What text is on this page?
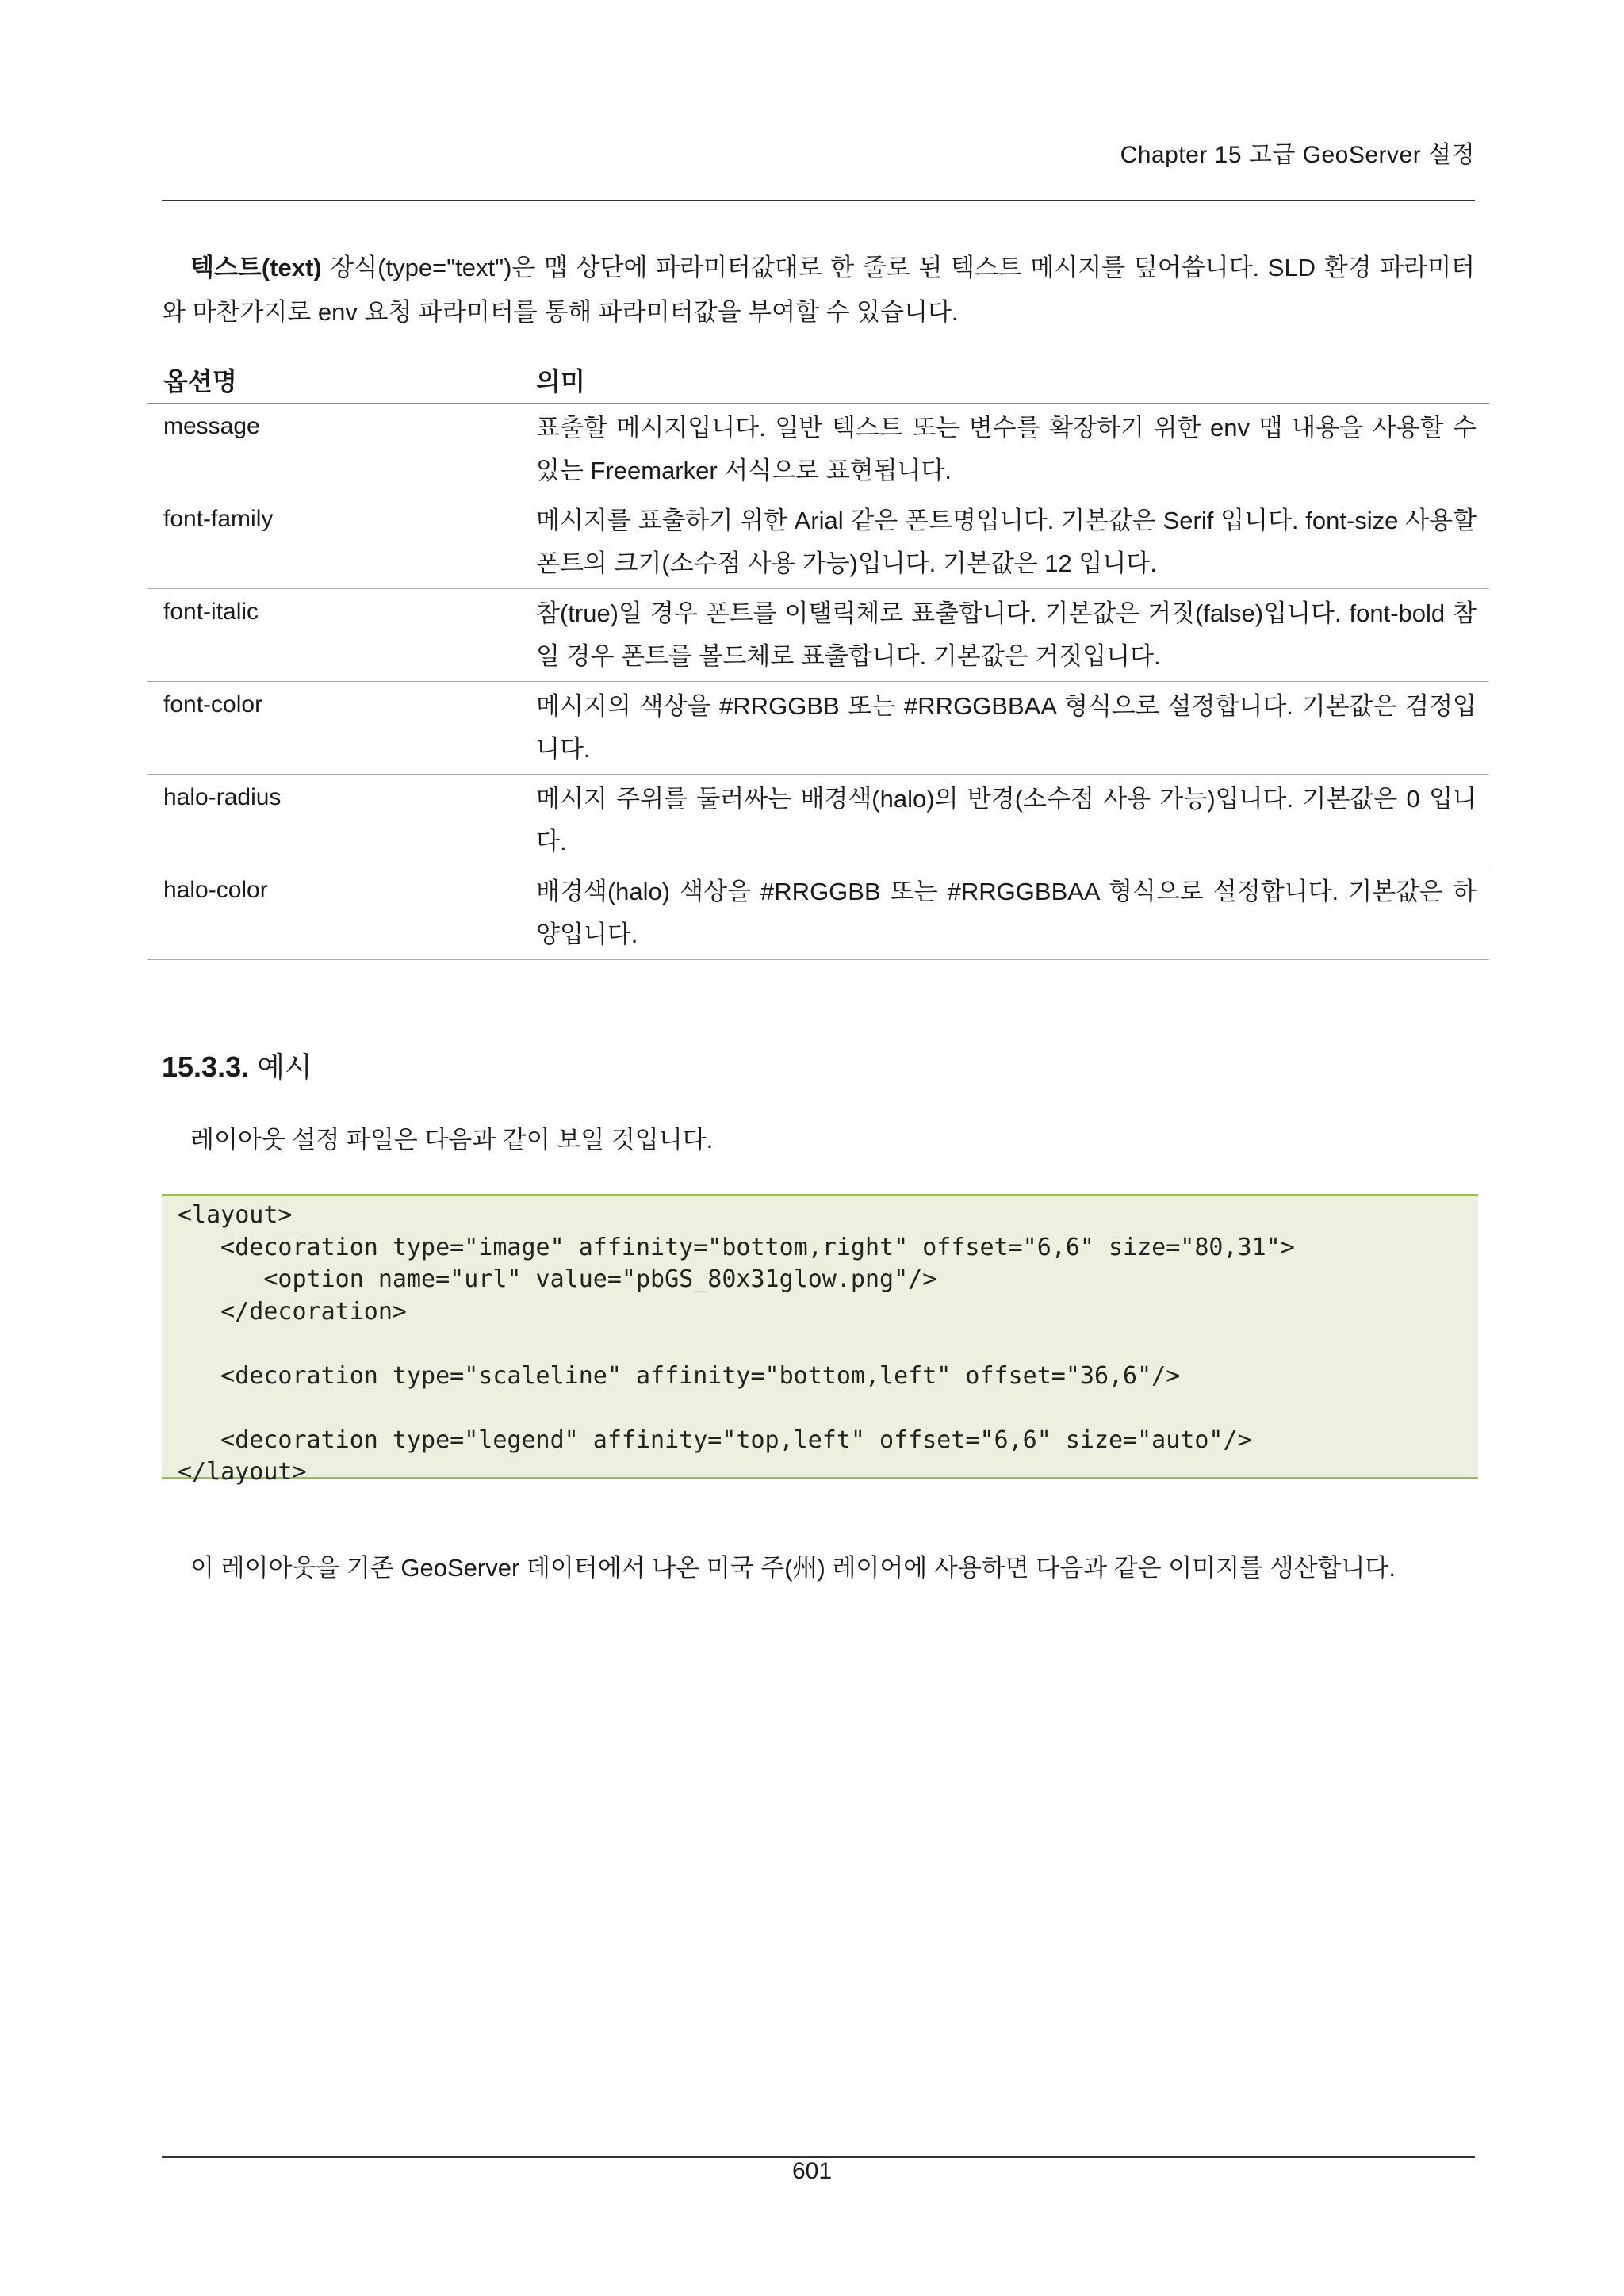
Chapter 15 고급 GeoServer 설정
텍스트(text) 장식(type="text")은 맵 상단에 파라미터값대로 한 줄로 된 텍스트 메시지를 덮어씁니다. SLD 환경 파라미터와 마찬가지로 env 요청 파라미터를 통해 파라미터값을 부여할 수 있습니다.
옵션명	의미
message	표출할 메시지입니다. 일반 텍스트 또는 변수를 확장하기 위한 env 맵 내용을 사용할 수 있는 Freemarker 서식으로 표현됩니다.
font-family	메시지를 표출하기 위한 Arial 같은 폰트명입니다. 기본값은 Serif 입니다. font-size 사용할 폰트의 크기(소수점 사용 가능)입니다. 기본값은 12 입니다.
font-italic	참(true)일 경우 폰트를 이탤릭체로 표출합니다. 기본값은 거짓(false)입니다. font-bold 참일 경우 폰트를 볼드체로 표출합니다. 기본값은 거짓입니다.
font-color	메시지의 색상을 #RRGGBB 또는 #RRGGBBAA 형식으로 설정합니다. 기본값은 검정입니다.
halo-radius	메시지 주위를 둘러싸는 배경색(halo)의 반경(소수점 사용 가능)입니다. 기본값은 0 입니다.
halo-color	배경색(halo) 색상을 #RRGGBB 또는 #RRGGBBAA 형식으로 설정합니다. 기본값은 하양입니다.
15.3.3. 예시
레이아웃 설정 파일은 다음과 같이 보일 것입니다.
<layout>
<decoration type="image" affinity="bottom,right" offset="6,6" size="80,31">
<option name="url" value="pbGS_80x31glow.png"/>
</decoration>

<decoration type="scaleline" affinity="bottom,left" offset="36,6"/>

<decoration type="legend" affinity="top,left" offset="6,6" size="auto"/>
</layout>
이 레이아웃을 기존 GeoServer 데이터에서 나온 미국 주(州) 레이어에 사용하면 다음과 같은 이미지를 생산합니다.
601
